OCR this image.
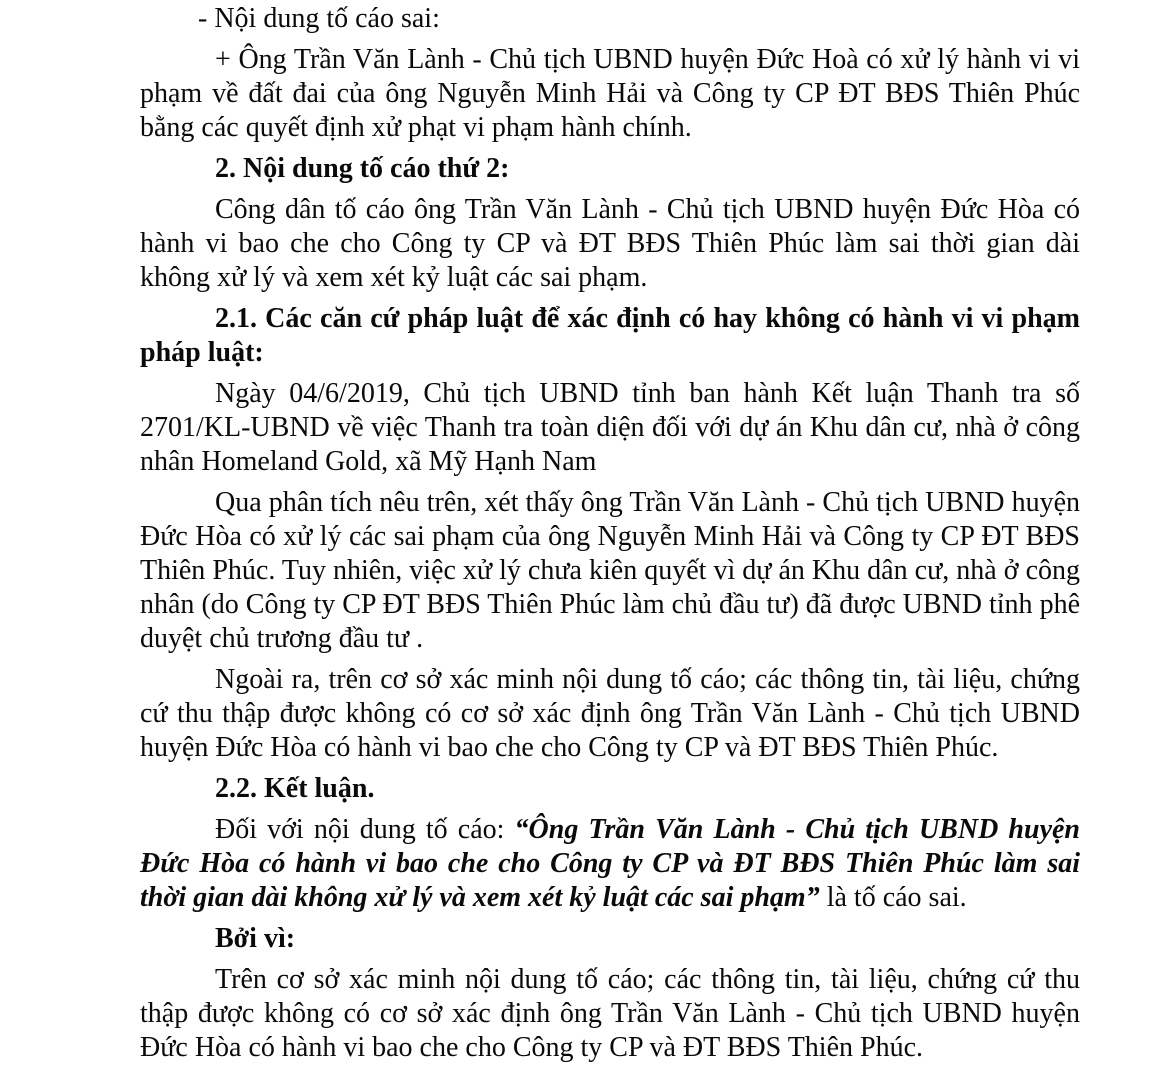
- Nội dung tố cáo sai:

+ Ông Trần Văn Lành - Chủ tịch UBND huyện Đức Hoà có xử lý hành vi vi phạm về đất đai của ông Nguyễn Minh Hải và Công ty CP ĐT BĐS Thiên Phúc bằng các quyết định xử phạt vi phạm hành chính.

2. Nội dung tố cáo thứ 2:

Công dân tố cáo ông Trần Văn Lành - Chủ tịch UBND huyện Đức Hòa có hành vi bao che cho Công ty CP và ĐT BĐS Thiên Phúc làm sai thời gian dài không xử lý và xem xét kỷ luật các sai phạm.

2.1. Các căn cứ pháp luật để xác định có hay không có hành vi vi phạm pháp luật:

Ngày 04/6/2019, Chủ tịch UBND tỉnh ban hành Kết luận Thanh tra số 2701/KL-UBND về việc Thanh tra toàn diện đối với dự án Khu dân cư, nhà ở công nhân Homeland Gold, xã Mỹ Hạnh Nam

Qua phân tích nêu trên, xét thấy ông Trần Văn Lành - Chủ tịch UBND huyện Đức Hòa có xử lý các sai phạm của ông Nguyễn Minh Hải và Công ty CP ĐT BĐS Thiên Phúc. Tuy nhiên, việc xử lý chưa kiên quyết vì dự án Khu dân cư, nhà ở công nhân (do Công ty CP ĐT BĐS Thiên Phúc làm chủ đầu tư) đã được UBND tỉnh phê duyệt chủ trương đầu tư .

Ngoài ra, trên cơ sở xác minh nội dung tố cáo; các thông tin, tài liệu, chứng cứ thu thập được không có cơ sở xác định ông Trần Văn Lành - Chủ tịch UBND huyện Đức Hòa có hành vi bao che cho Công ty CP và ĐT BĐS Thiên Phúc.

2.2. Kết luận.

Đối với nội dung tố cáo: “Ông Trần Văn Lành - Chủ tịch UBND huyện Đức Hòa có hành vi bao che cho Công ty CP và ĐT BĐS Thiên Phúc làm sai thời gian dài không xử lý và xem xét kỷ luật các sai phạm” là tố cáo sai.

Bởi vì:

Trên cơ sở xác minh nội dung tố cáo; các thông tin, tài liệu, chứng cứ thu thập được không có cơ sở xác định ông Trần Văn Lành - Chủ tịch UBND huyện Đức Hòa có hành vi bao che cho Công ty CP và ĐT BĐS Thiên Phúc.
